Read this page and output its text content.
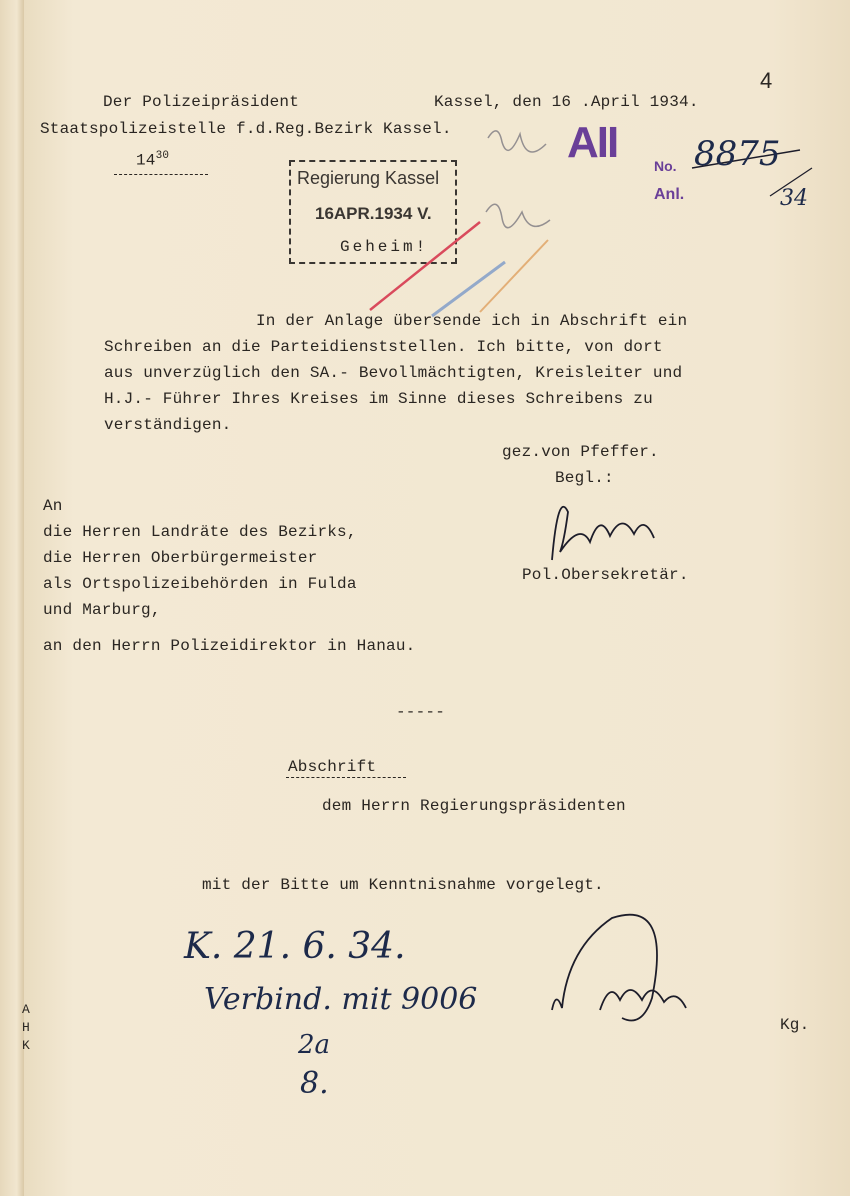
4
Der Polizeipräsident	Kassel, den 16 .April 1934.
Staatspolizeistelle f.d.Reg.Bezirk Kassel.
$14^{30}$
Regierung Kassel
16APR.1934 V.
Geheim!
AII	No.
Anl.
8875
34
In der Anlage übersende ich in Abschrift ein
Schreiben an die Parteidienststellen. Ich bitte, von dort
aus unverzüglich den SA.- Bevollmächtigten, Kreisleiter und
H.J.- Führer Ihres Kreises im Sinne dieses Schreibens zu
verständigen.
gez.von Pfeffer.
Begl.:
Pol.Obersekretär.
An
die Herren Landräte des Bezirks,
die Herren Oberbürgermeister
als Ortspolizeibehörden in Fulda
und Marburg,
an den Herrn Polizeidirektor in Hanau.
-----
Abschrift
dem Herrn Regierungspräsidenten
mit der Bitte um Kenntnisnahme vorgelegt.
K. 21. 6. 34.
Verbind. mit 9006
2a
8.
Kg.
A
H
K
